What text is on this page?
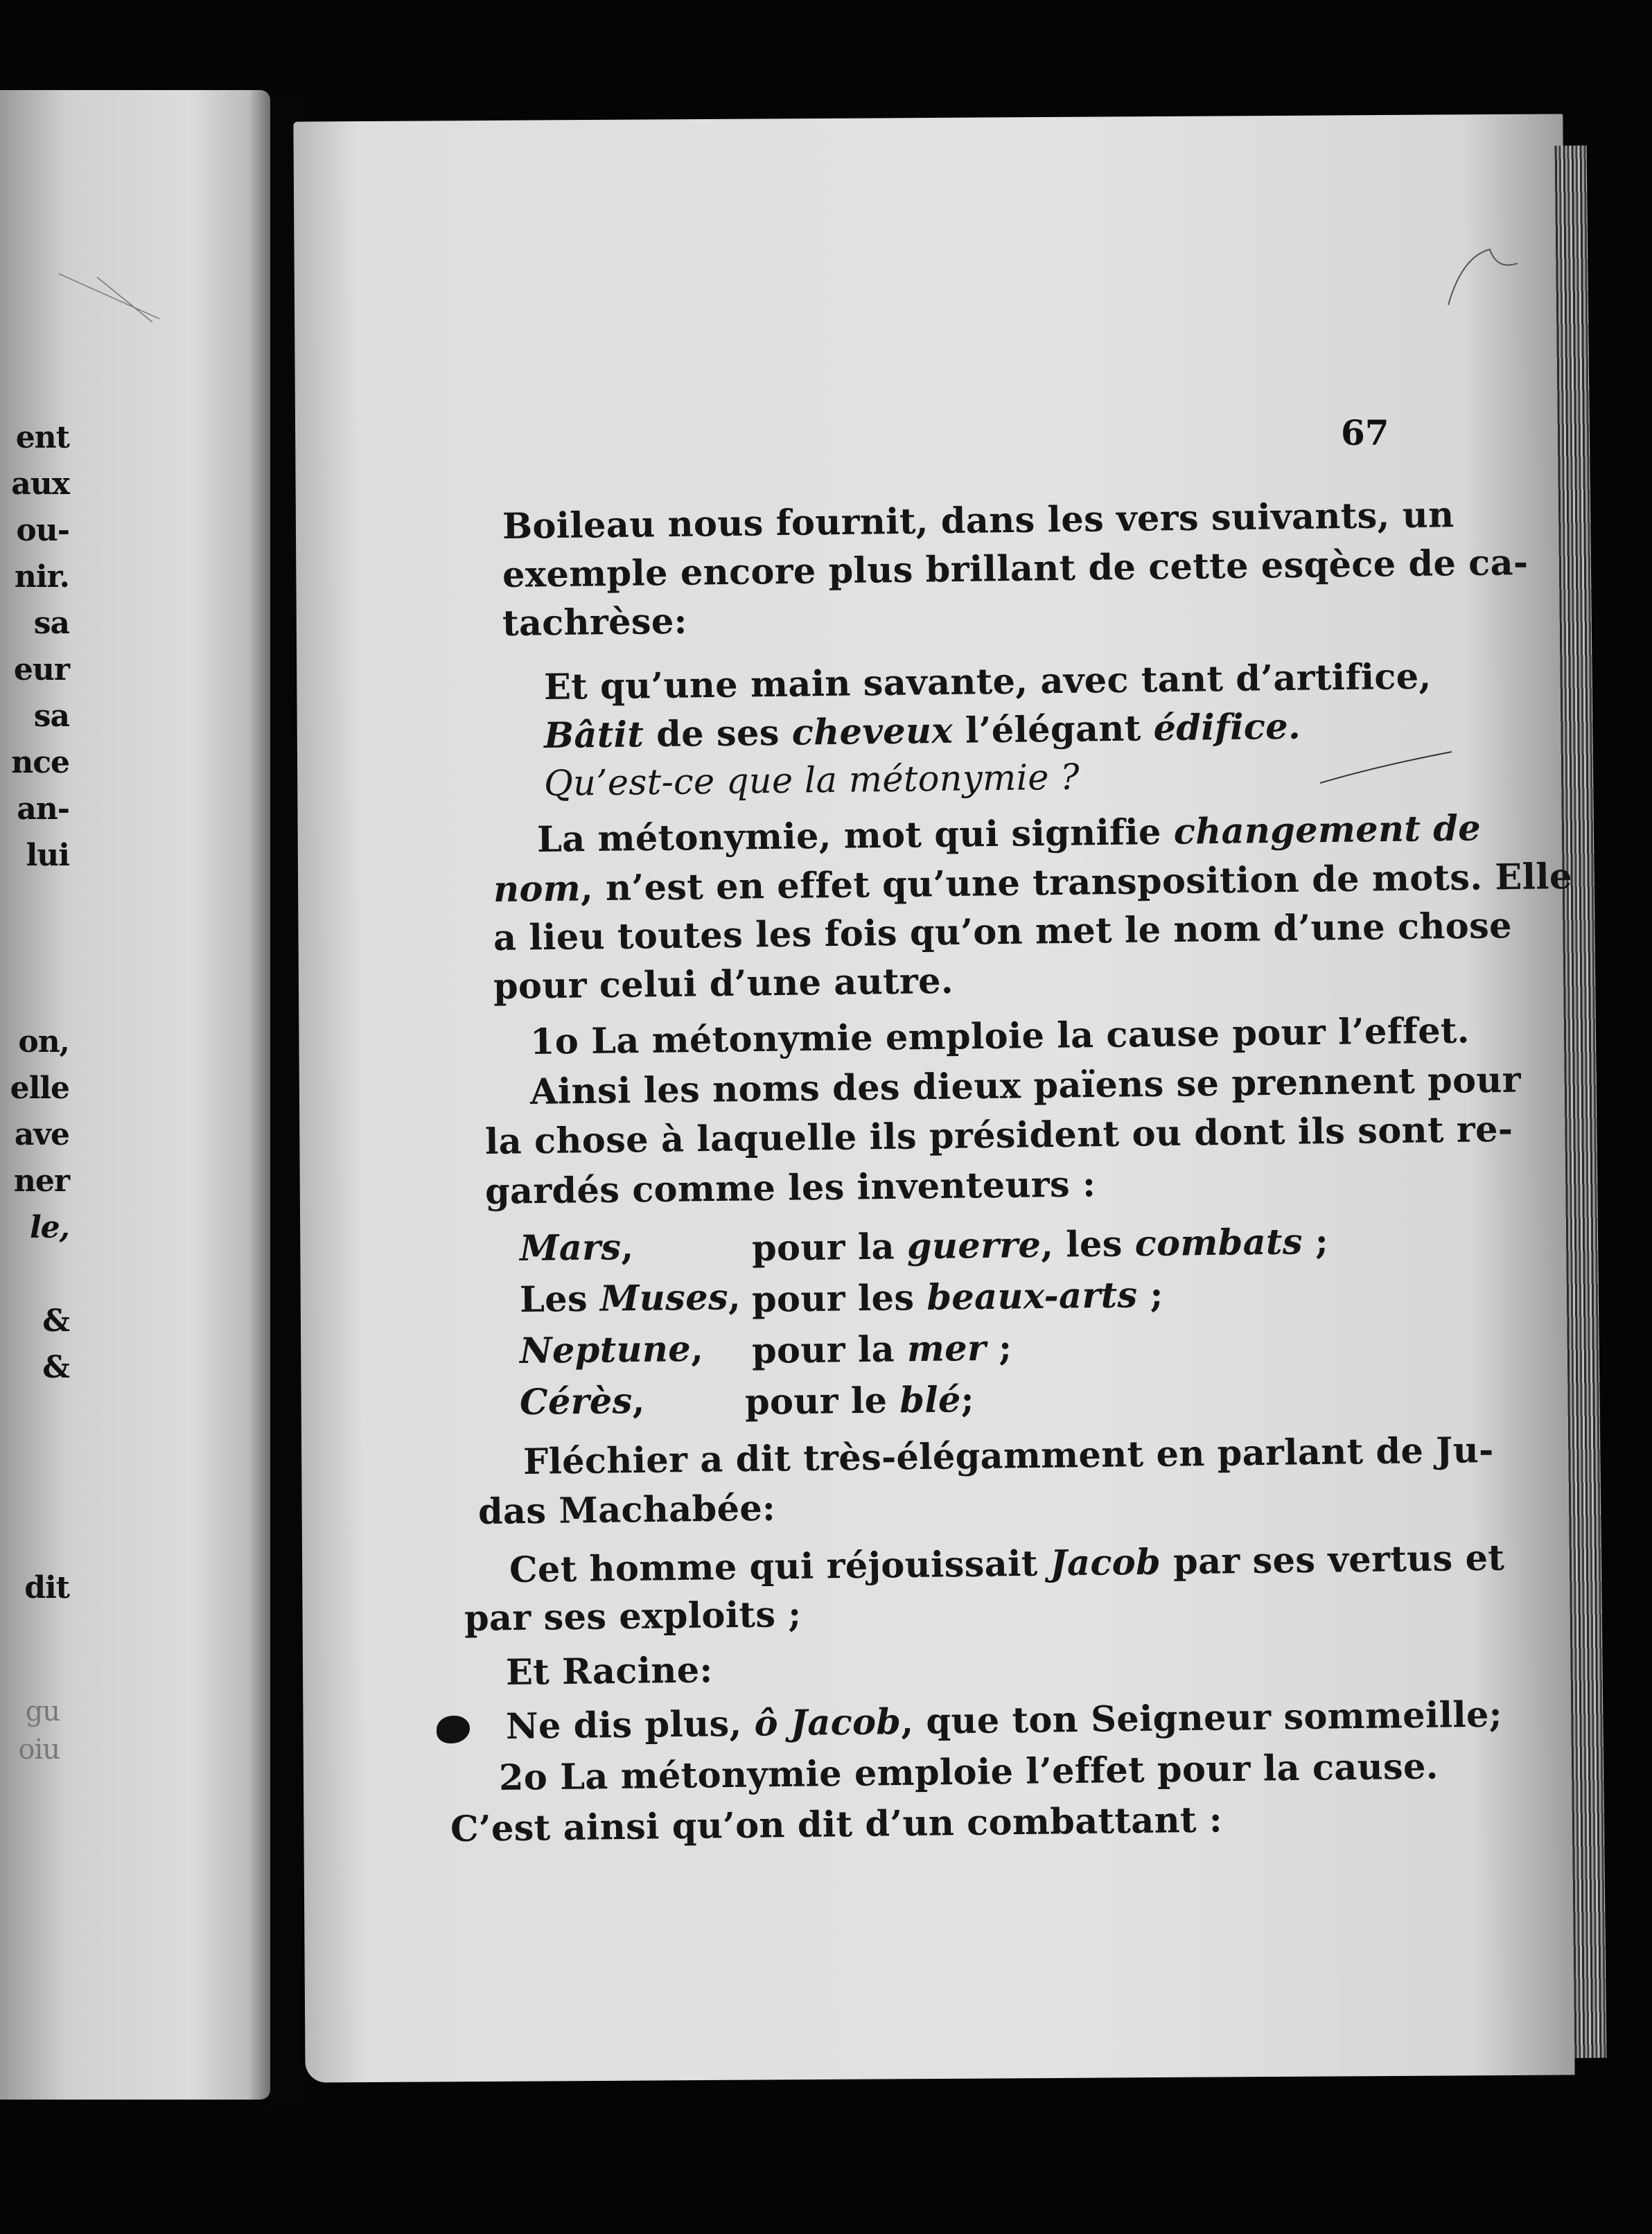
ent
aux
ou-
nir.
sa
eur
sa
nce
an-
lui
on,
elle
ave
ner
le,
&
&
dit
gu
oiu
67
Boileau nous fournit, dans les vers suivants, un
exemple encore plus brillant de cette esqèce de ca-
tachrèse:
Et qu’une main savante, avec tant d’artifice,
Bâtit de ses cheveux l’élégant édifice.
Qu’est-ce que la métonymie ?
La métonymie, mot qui signifie changement de
nom, n’est en effet qu’une transposition de mots. Elle
a lieu toutes les fois qu’on met le nom d’une chose
pour celui d’une autre.
1o La métonymie emploie la cause pour l’effet.
Ainsi les noms des dieux païens se prennent pour
la chose à laquelle ils président ou dont ils sont re-
gardés comme les inventeurs :
Mars,	pour la guerre, les combats ;
Les Muses, pour les beaux-arts ;
Neptune, pour la mer ;
Cérès,	pour le blé;
Fléchier a dit très-élégamment en parlant de Ju-
das Machabée:
Cet homme qui réjouissait Jacob par ses vertus et
par ses exploits ;
Et Racine:
Ne dis plus, ô Jacob, que ton Seigneur sommeille;
2o La métonymie emploie l’effet pour la cause.
C’est ainsi qu’on dit d’un combattant :
